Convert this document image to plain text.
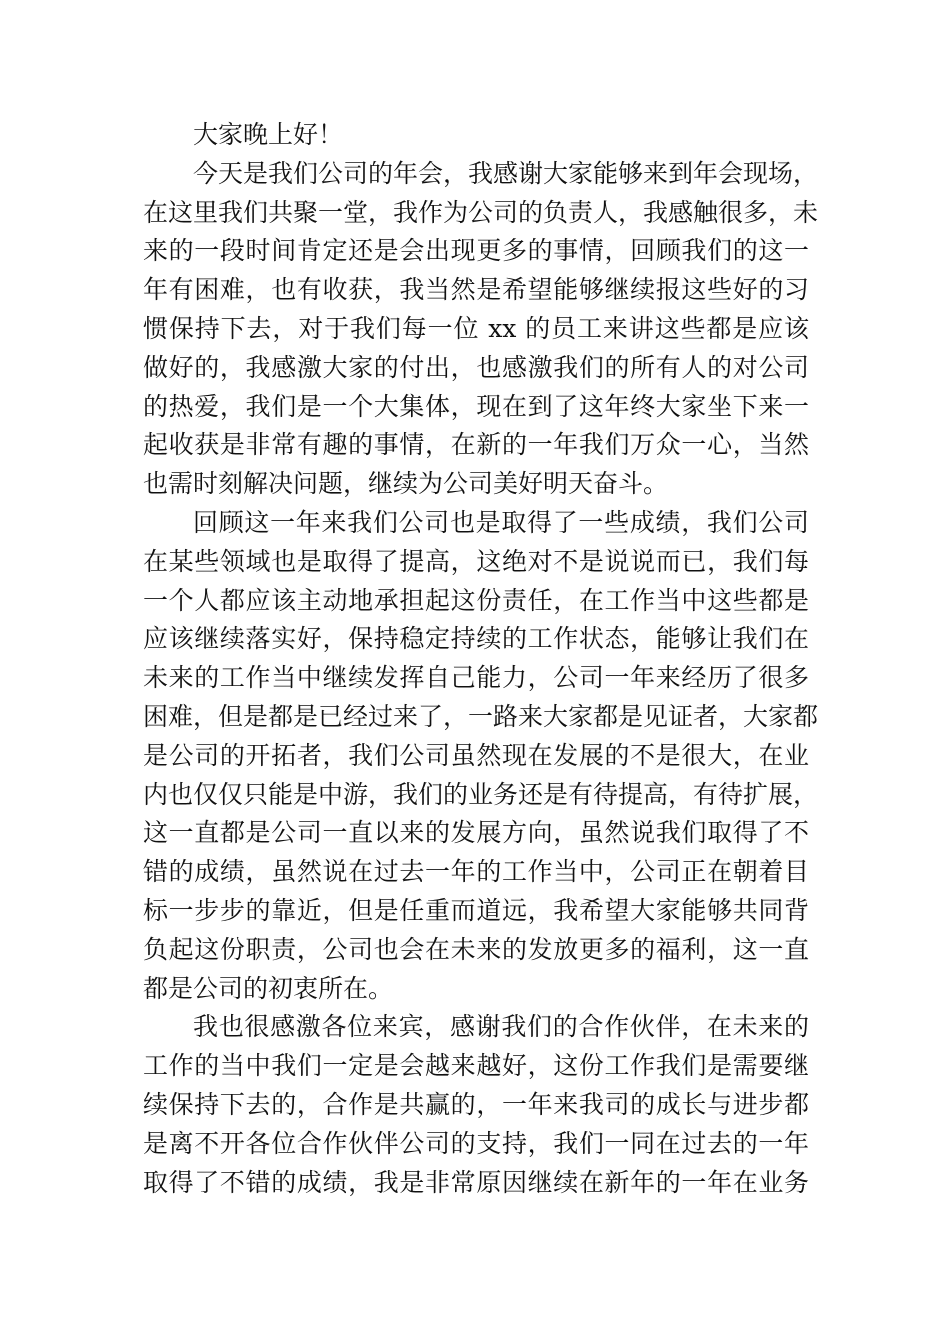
大家晚上好！
今天是我们公司的年会，我感谢大家能够来到年会现场，
在这里我们共聚一堂，我作为公司的负责人，我感触很多，未
来的一段时间肯定还是会出现更多的事情，回顾我们的这一
年有困难，也有收获，我当然是希望能够继续报这些好的习
惯保持下去，对于我们每一位 xx 的员工来讲这些都是应该
做好的，我感激大家的付出，也感激我们的所有人的对公司
的热爱，我们是一个大集体，现在到了这年终大家坐下来一
起收获是非常有趣的事情，在新的一年我们万众一心，当然
也需时刻解决问题，继续为公司美好明天奋斗。
回顾这一年来我们公司也是取得了一些成绩，我们公司
在某些领域也是取得了提高，这绝对不是说说而已，我们每
一个人都应该主动地承担起这份责任，在工作当中这些都是
应该继续落实好，保持稳定持续的工作状态，能够让我们在
未来的工作当中继续发挥自己能力，公司一年来经历了很多
困难，但是都是已经过来了，一路来大家都是见证者，大家都
是公司的开拓者，我们公司虽然现在发展的不是很大，在业
内也仅仅只能是中游，我们的业务还是有待提高，有待扩展，
这一直都是公司一直以来的发展方向，虽然说我们取得了不
错的成绩，虽然说在过去一年的工作当中，公司正在朝着目
标一步步的靠近，但是任重而道远，我希望大家能够共同背
负起这份职责，公司也会在未来的发放更多的福利，这一直
都是公司的初衷所在。
我也很感激各位来宾，感谢我们的合作伙伴，在未来的
工作的当中我们一定是会越来越好，这份工作我们是需要继
续保持下去的，合作是共赢的，一年来我司的成长与进步都
是离不开各位合作伙伴公司的支持，我们一同在过去的一年
取得了不错的成绩，我是非常原因继续在新年的一年在业务
